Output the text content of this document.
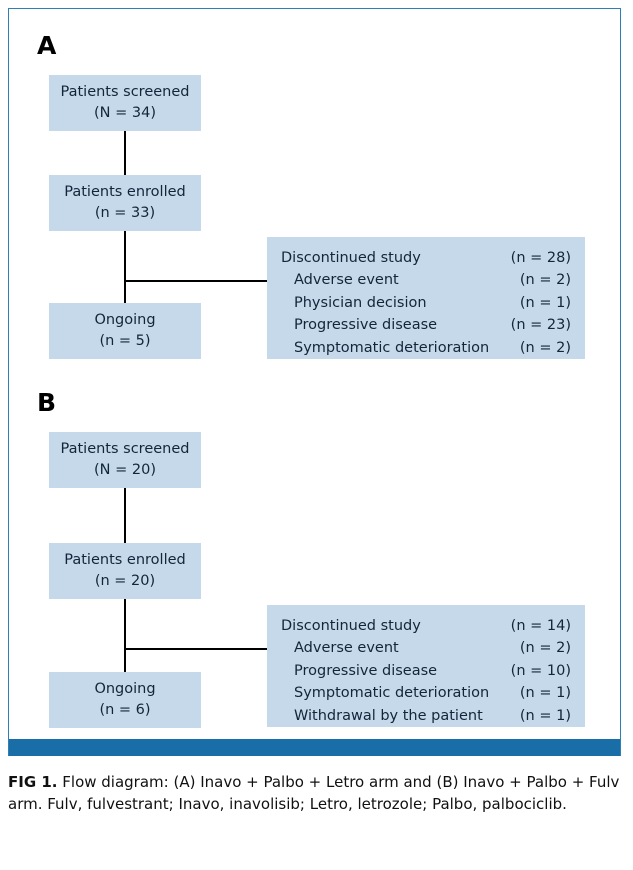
A
Patients screened
(N = 34)
Patients enrolled
(n = 33)
Ongoing
(n = 5)
Discontinued study	(n = 28)
Adverse event	(n = 2)
Physician decision	(n = 1)
Progressive disease	(n = 23)
Symptomatic deterioration	(n = 2)
B
Patients screened
(N = 20)
Patients enrolled
(n = 20)
Ongoing
(n = 6)
Discontinued study	(n = 14)
Adverse event	(n = 2)
Progressive disease	(n = 10)
Symptomatic deterioration	(n = 1)
Withdrawal by the patient	(n = 1)
FIG 1. Flow diagram: (A) Inavo + Palbo + Letro arm and (B) Inavo + Palbo + Fulv arm. Fulv, fulvestrant; Inavo, inavolisib; Letro, letrozole; Palbo, palbociclib.
